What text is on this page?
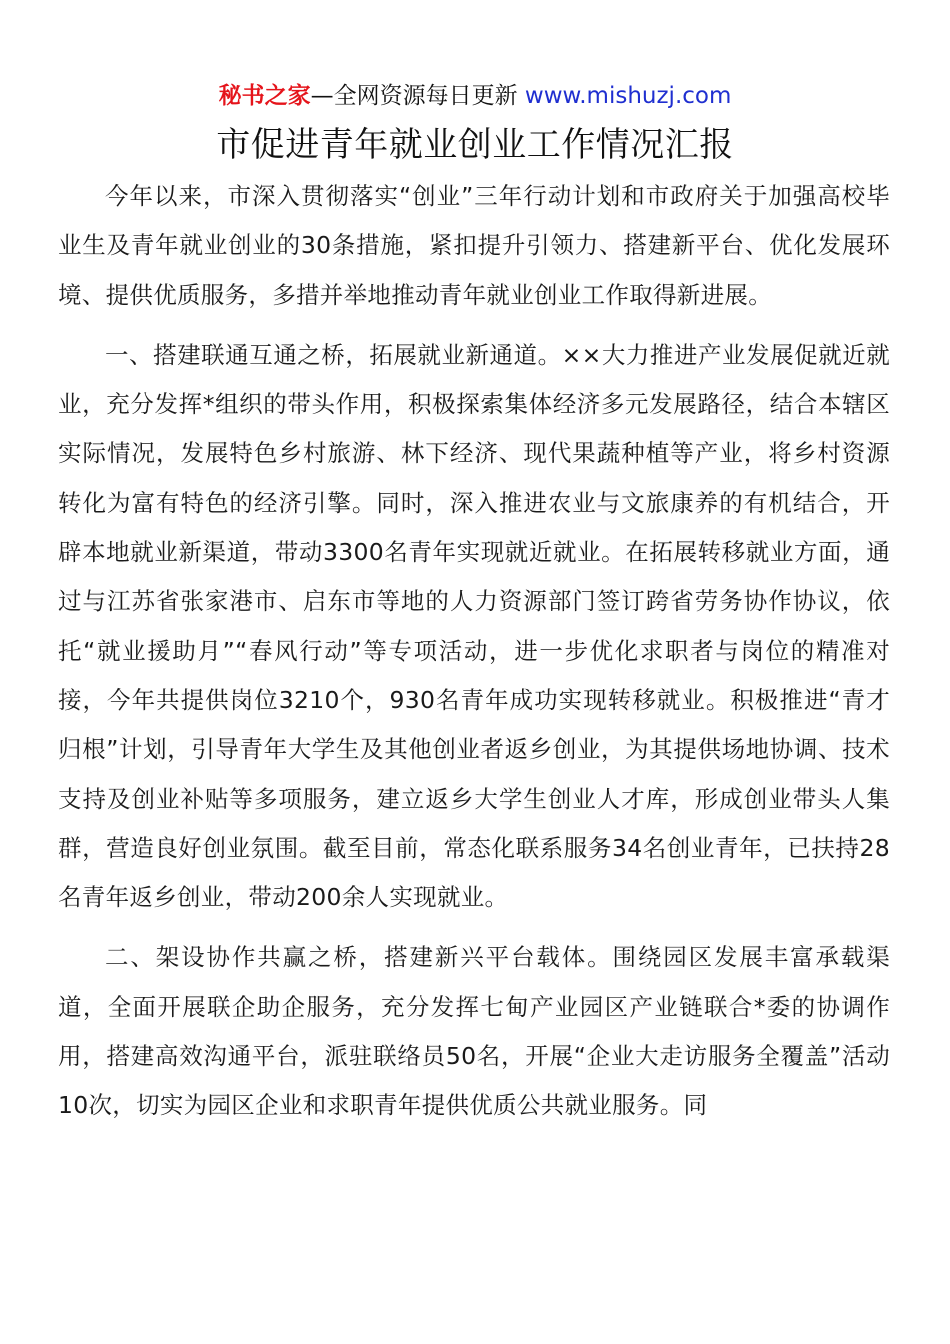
秘书之家—全网资源每日更新 www.mishuzj.com
市促进青年就业创业工作情况汇报

今年以来，市深入贯彻落实“创业”三年行动计划和市政府关于加强高校毕业生及青年就业创业的30条措施，紧扣提升引领力、搭建新平台、优化发展环境、提供优质服务，多措并举地推动青年就业创业工作取得新进展。

一、搭建联通互通之桥，拓展就业新通道。××大力推进产业发展促就近就业，充分发挥*组织的带头作用，积极探索集体经济多元发展路径，结合本辖区实际情况，发展特色乡村旅游、林下经济、现代果蔬种植等产业，将乡村资源转化为富有特色的经济引擎。同时，深入推进农业与文旅康养的有机结合，开辟本地就业新渠道，带动3300名青年实现就近就业。在拓展转移就业方面，通过与江苏省张家港市、启东市等地的人力资源部门签订跨省劳务协作协议，依托“就业援助月”“春风行动”等专项活动，进一步优化求职者与岗位的精准对接，今年共提供岗位3210个，930名青年成功实现转移就业。积极推进“青才归根”计划，引导青年大学生及其他创业者返乡创业，为其提供场地协调、技术支持及创业补贴等多项服务，建立返乡大学生创业人才库，形成创业带头人集群，营造良好创业氛围。截至目前，常态化联系服务34名创业青年，已扶持28名青年返乡创业，带动200余人实现就业。

二、架设协作共赢之桥，搭建新兴平台载体。围绕园区发展丰富承载渠道，全面开展联企助企服务，充分发挥七甸产业园区产业链联合*委的协调作用，搭建高效沟通平台，派驻联络员50名，开展“企业大走访服务全覆盖”活动10次，切实为园区企业和求职青年提供优质公共就业服务。同
